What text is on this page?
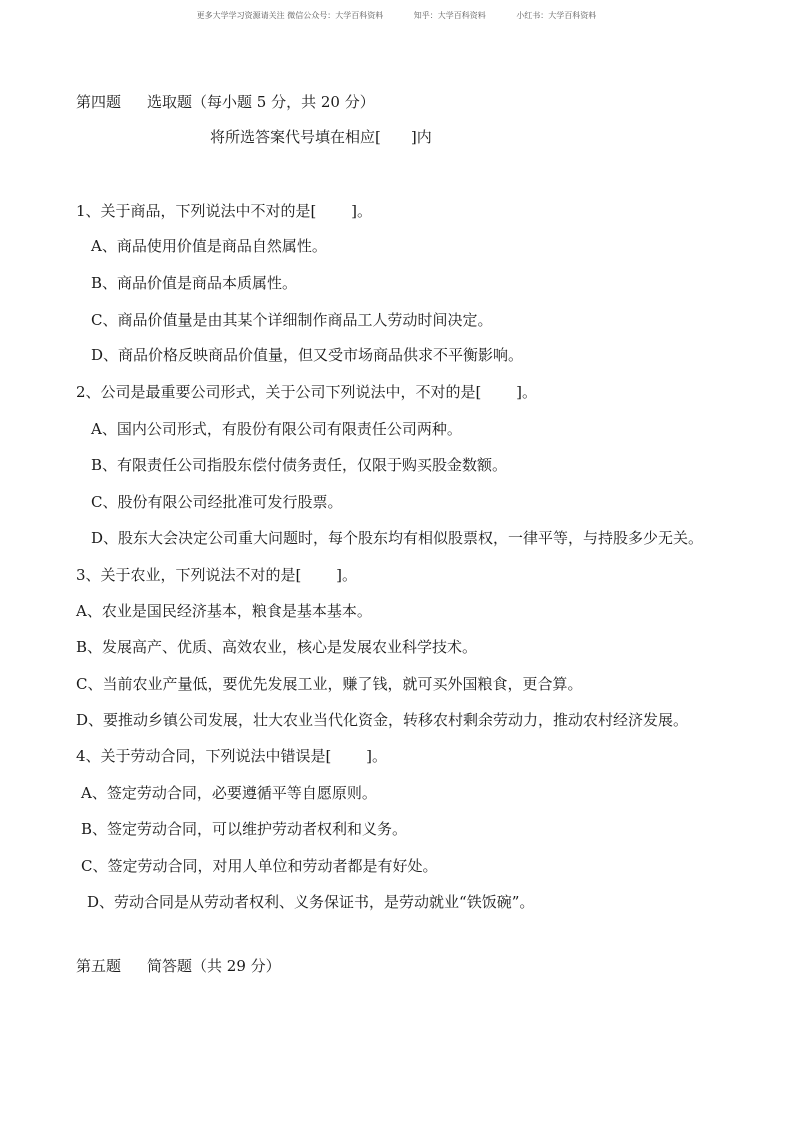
更多大学学习资源请关注 微信公众号：大学百科资料	知乎：大学百科资料	小红书：大学百科资料
第四题 选取题（每小题 5 分，共 20 分）
将所选答案代号填在相应[　　]内
1、关于商品，下列说法中不对的是[　　 ]。
A、商品使用价值是商品自然属性。
B、商品价值是商品本质属性。
C、商品价值量是由其某个详细制作商品工人劳动时间决定。
D、商品价格反映商品价值量，但又受市场商品供求不平衡影响。
2、公司是最重要公司形式，关于公司下列说法中，不对的是[　　 ]。
A、国内公司形式，有股份有限公司有限责任公司两种。
B、有限责任公司指股东偿付债务责任，仅限于购买股金数额。
C、股份有限公司经批准可发行股票。
D、股东大会决定公司重大问题时，每个股东均有相似股票权，一律平等，与持股多少无关。
3、关于农业，下列说法不对的是[　　 ]。
A、农业是国民经济基本，粮食是基本基本。
B、发展高产、优质、高效农业，核心是发展农业科学技术。
C、当前农业产量低，要优先发展工业，赚了钱，就可买外国粮食，更合算。
D、要推动乡镇公司发展，壮大农业当代化资金，转移农村剩余劳动力，推动农村经济发展。
4、关于劳动合同，下列说法中错误是[　　 ]。
A、签定劳动合同，必要遵循平等自愿原则。
B、签定劳动合同，可以维护劳动者权利和义务。
C、签定劳动合同，对用人单位和劳动者都是有好处。
D、劳动合同是从劳动者权利、义务保证书，是劳动就业“铁饭碗”。
第五题 简答题（共 29 分）
